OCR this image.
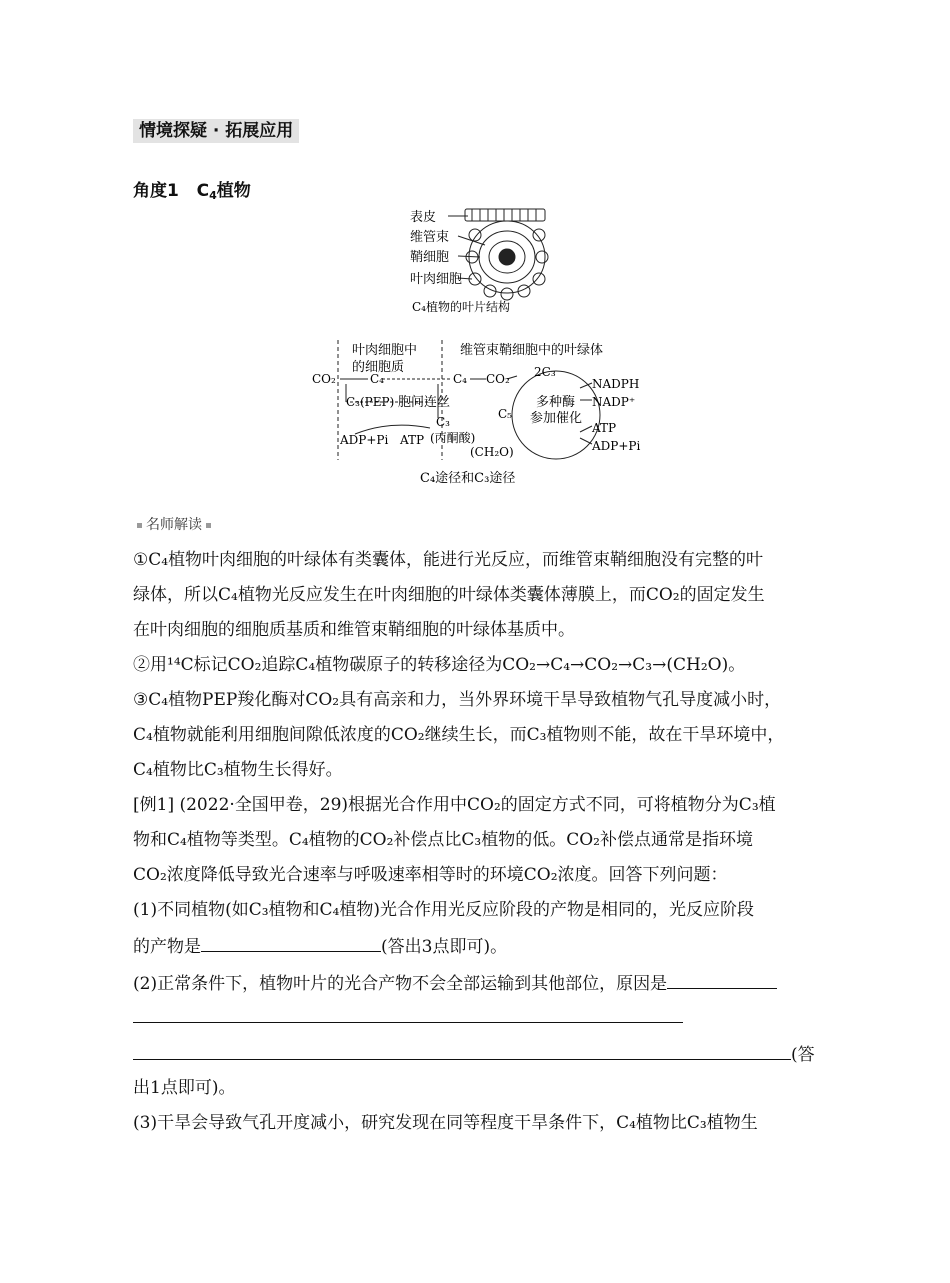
情境探疑 · 拓展应用
角度1 C4植物
表皮
维管束
鞘细胞
叶肉细胞
C₄植物的叶片结构
叶肉细胞中
的细胞质
维管束鞘细胞中的叶绿体
CO₂	C₄	C₄ CO₂ 2C₃
C₃(PEP) 胞间连丝
C₃
(丙酮酸)
ADP+Pi ATP
C₅
多种酶
参加催化
(CH₂O)
NADPH
NADP⁺
ATP
ADP+Pi
C₄途径和C₃途径
名师解读
①C₄植物叶肉细胞的叶绿体有类囊体，能进行光反应，而维管束鞘细胞没有完整的叶
绿体，所以C₄植物光反应发生在叶肉细胞的叶绿体类囊体薄膜上，而CO₂的固定发生
在叶肉细胞的细胞质基质和维管束鞘细胞的叶绿体基质中。
②用¹⁴C标记CO₂追踪C₄植物碳原子的转移途径为CO₂→C₄→CO₂→C₃→(CH₂O)。
③C₄植物PEP羧化酶对CO₂具有高亲和力，当外界环境干旱导致植物气孔导度减小时，
C₄植物就能利用细胞间隙低浓度的CO₂继续生长，而C₃植物则不能，故在干旱环境中，
C₄植物比C₃植物生长得好。
[例1] (2022·全国甲卷，29)根据光合作用中CO₂的固定方式不同，可将植物分为C₃植
物和C₄植物等类型。C₄植物的CO₂补偿点比C₃植物的低。CO₂补偿点通常是指环境
CO₂浓度降低导致光合速率与呼吸速率相等时的环境CO₂浓度。回答下列问题：
(1)不同植物(如C₃植物和C₄植物)光合作用光反应阶段的产物是相同的，光反应阶段
的产物是	(答出3点即可)。
(2)正常条件下，植物叶片的光合产物不会全部运输到其他部位，原因是
(答
出1点即可)。
(3)干旱会导致气孔开度减小，研究发现在同等程度干旱条件下，C₄植物比C₃植物生
